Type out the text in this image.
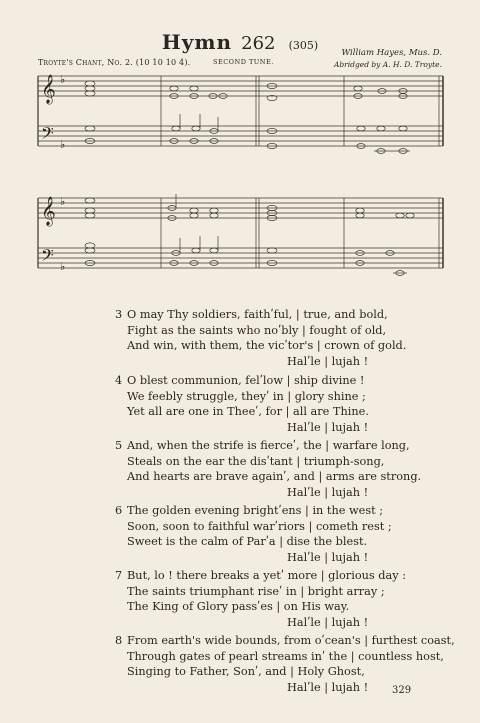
Hymn 262 (305)
Troyte's Chant, No. 2. (10 10 10 4).	SECOND TUNE.
William Hayes, Mus. D.
Abridged by A. H. D. Troyte.
𝄞
𝄢
♭
♭
𝄞
𝄢
♭
♭
3 O may Thy soldiers, faithʹful, | true, and bold,
Fight as the saints who noʹbly | fought of old,
And win, with them, the vicʹtor's | crown of gold.
Halʹle | lujah !
4 O blest communion, felʹlow | ship divine !
We feebly struggle, theyʹ in | glory shine ;
Yet all are one in Theeʹ, for | all are Thine.
Halʹle | lujah !
5 And, when the strife is fierceʹ, the | warfare long,
Steals on the ear the disʹtant | triumph-song,
And hearts are brave againʹ, and | arms are strong.
Halʹle | lujah !
6 The golden evening brightʹens | in the west ;
Soon, soon to faithful warʹriors | cometh rest ;
Sweet is the calm of Parʹa | dise the blest.
Halʹle | lujah !
7 But, lo ! there breaks a yetʹ more | glorious day :
The saints triumphant riseʹ in | bright array ;
The King of Glory passʹes | on His way.
Halʹle | lujah !
8 From earth's wide bounds, from oʹcean's | furthest coast,
Through gates of pearl streams inʹ the | countless host,
Singing to Father, Sonʹ, and | Holy Ghost,
Halʹle | lujah ! 329
